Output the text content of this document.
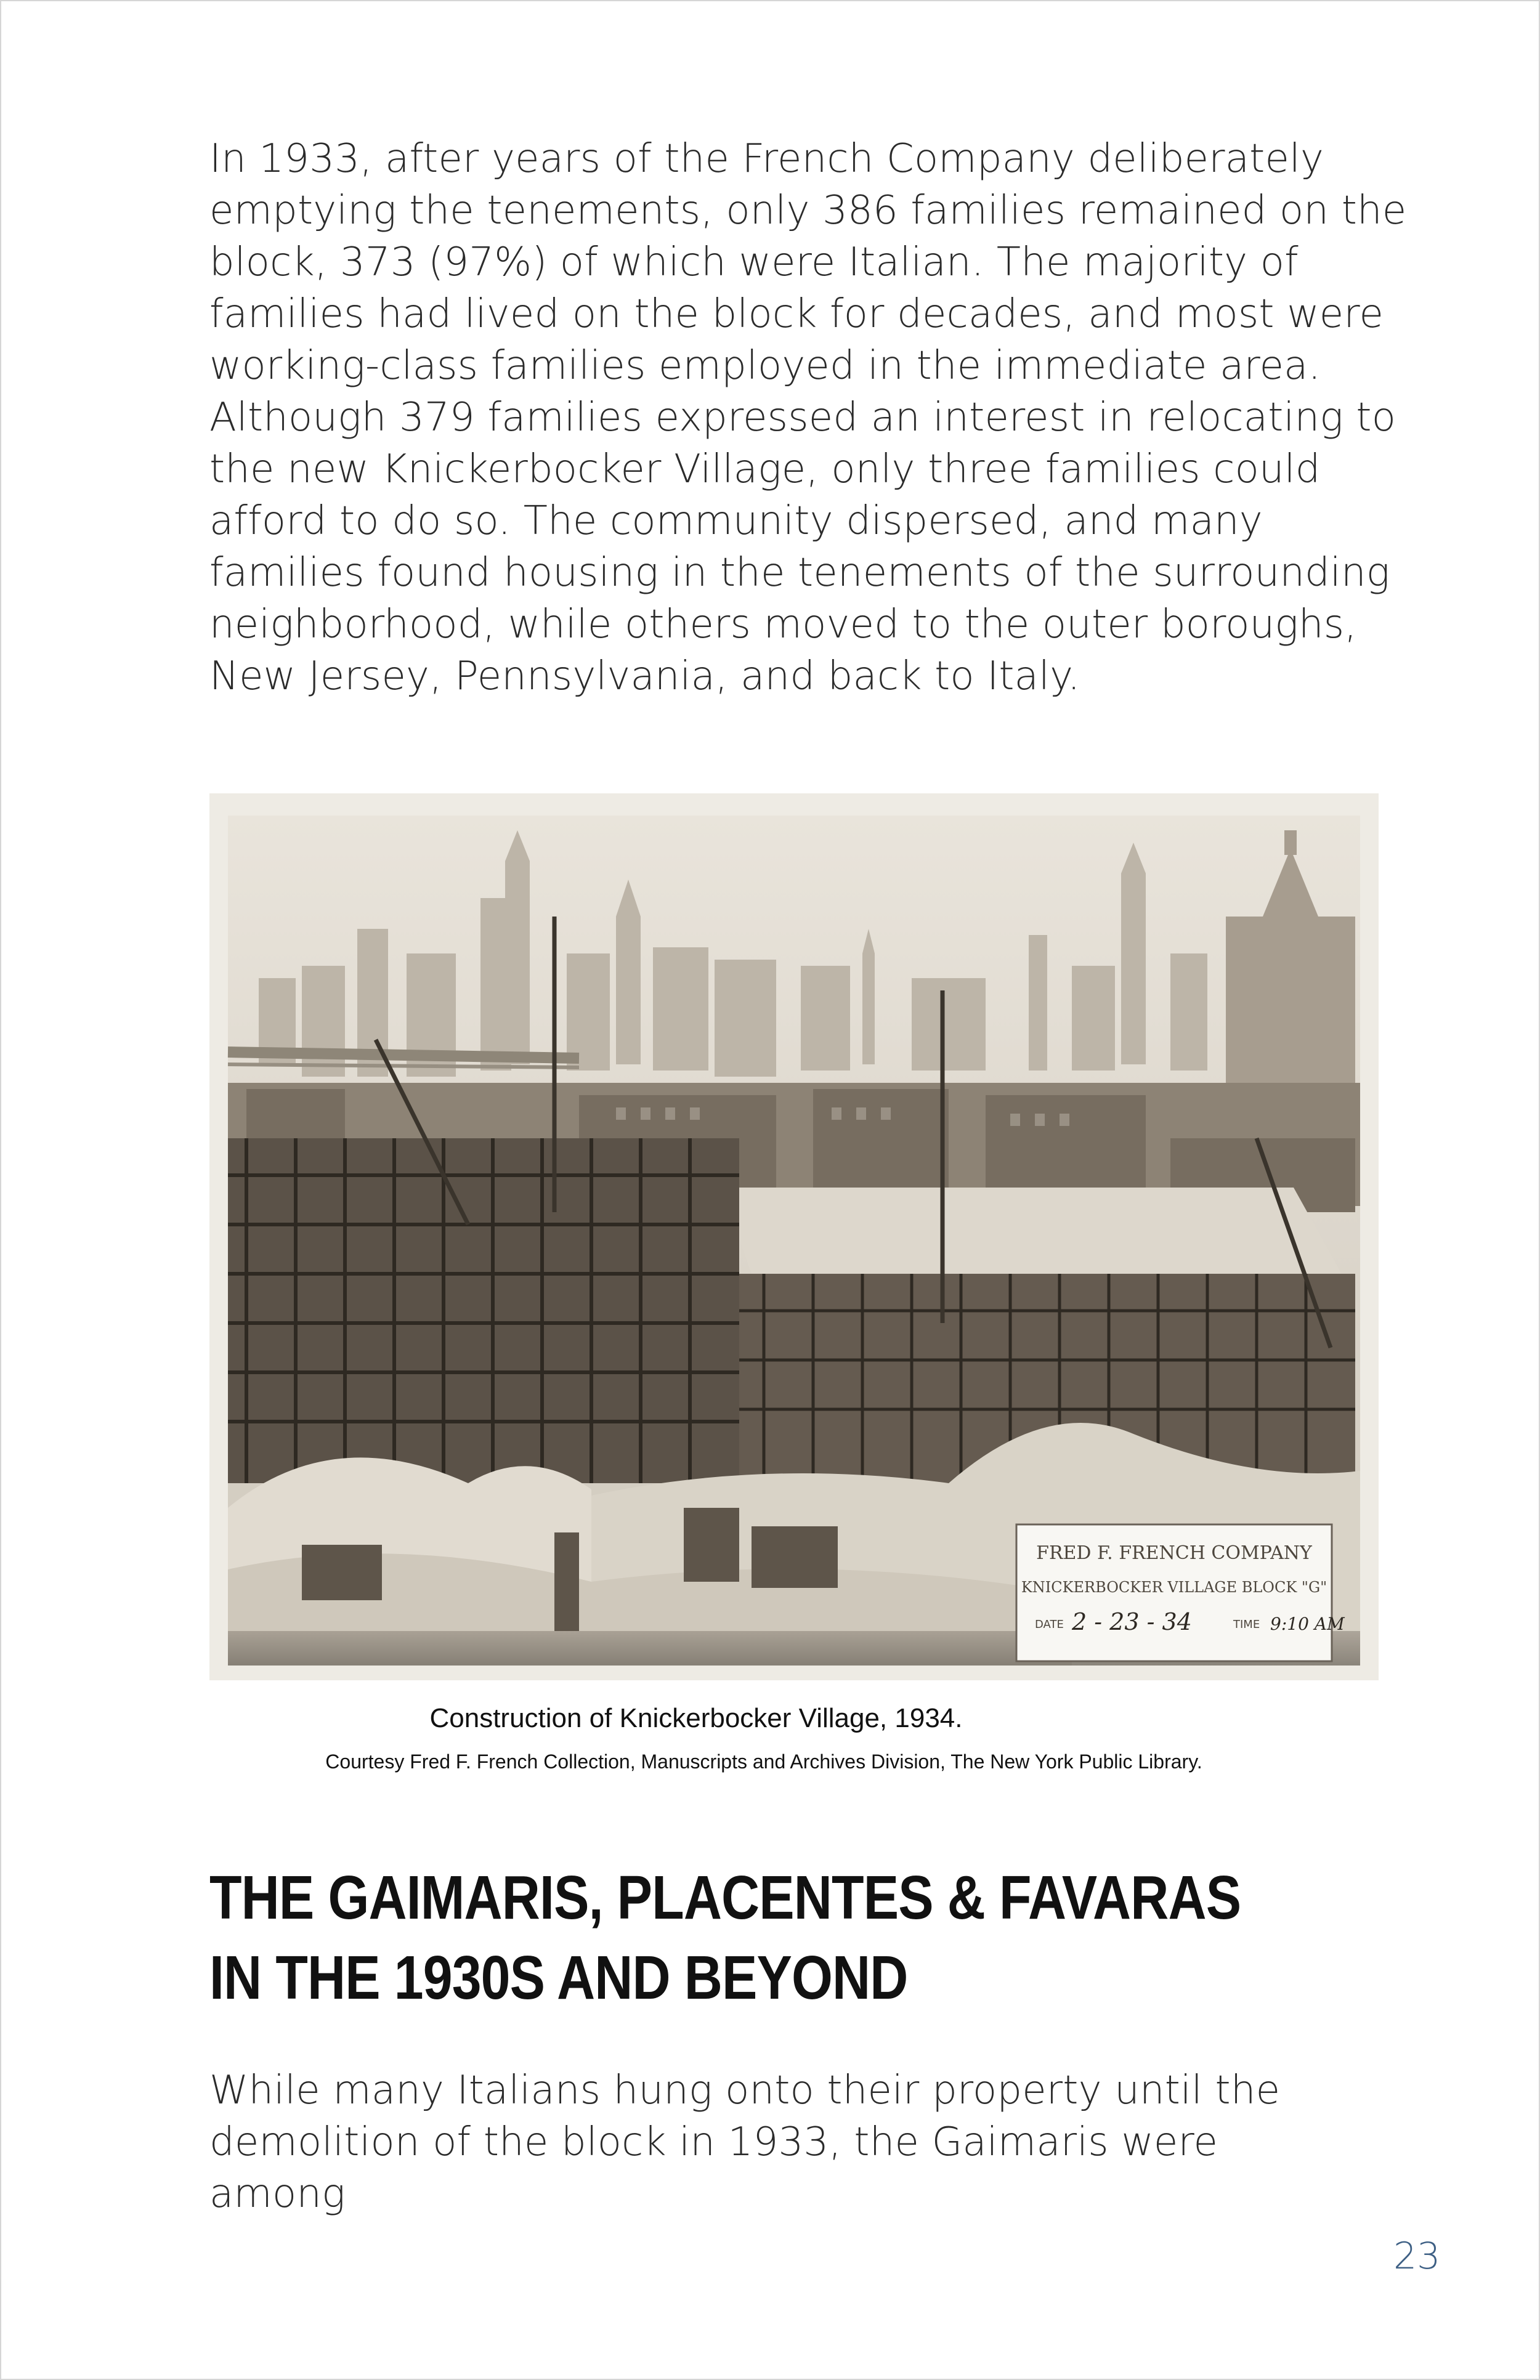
In 1933, after years of the French Company deliberately emptying the tenements, only 386 families remained on the block, 373 (97%) of which were Italian. The majority of families had lived on the block for decades, and most were working-class families employed in the immediate area. Although 379 families expressed an interest in relocating to the new Knickerbocker Village, only three families could afford to do so. The community dispersed, and many families found housing in the tenements of the surrounding neighborhood, while others moved to the outer boroughs, New Jersey, Pennsylvania, and back to Italy.

FRED F. FRENCH COMPANY
KNICKERBOCKER VILLAGE BLOCK "G"
DATE 2 - 23 - 34	TIME 9:10 AM

Construction of Knickerbocker Village, 1934.

Courtesy Fred F. French Collection, Manuscripts and Archives Division, The New York Public Library.

THE GAIMARIS, PLACENTES & FAVARAS IN THE 1930S AND BEYOND

While many Italians hung onto their property until the demolition of the block in 1933, the Gaimaris were among

23
